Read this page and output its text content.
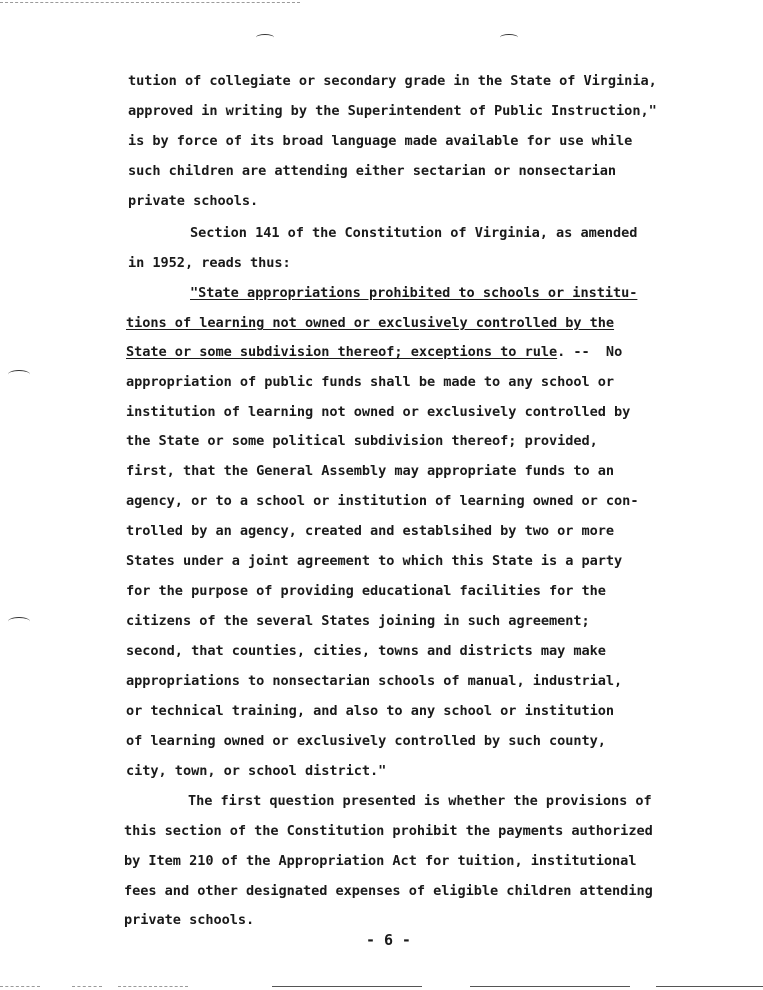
tution of collegiate or secondary grade in the State of Virginia,
approved in writing by the Superintendent of Public Instruction,"
is by force of its broad language made available for use while
such children are attending either sectarian or nonsectarian
private schools.
Section 141 of the Constitution of Virginia, as amended
in 1952, reads thus:
"State appropriations prohibited to schools or institu-
tions of learning not owned or exclusively controlled by the
State or some subdivision thereof; exceptions to rule. --  No
appropriation of public funds shall be made to any school or
institution of learning not owned or exclusively controlled by
the State or some political subdivision thereof; provided,
first, that the General Assembly may appropriate funds to an
agency, or to a school or institution of learning owned or con-
trolled by an agency, created and establsihed by two or more
States under a joint agreement to which this State is a party
for the purpose of providing educational facilities for the
citizens of the several States joining in such agreement;
second, that counties, cities, towns and districts may make
appropriations to nonsectarian schools of manual, industrial,
or technical training, and also to any school or institution
of learning owned or exclusively controlled by such county,
city, town, or school district."
The first question presented is whether the provisions of
this section of the Constitution prohibit the payments authorized
by Item 210 of the Appropriation Act for tuition, institutional
fees and other designated expenses of eligible children attending
private schools.
- 6 -
